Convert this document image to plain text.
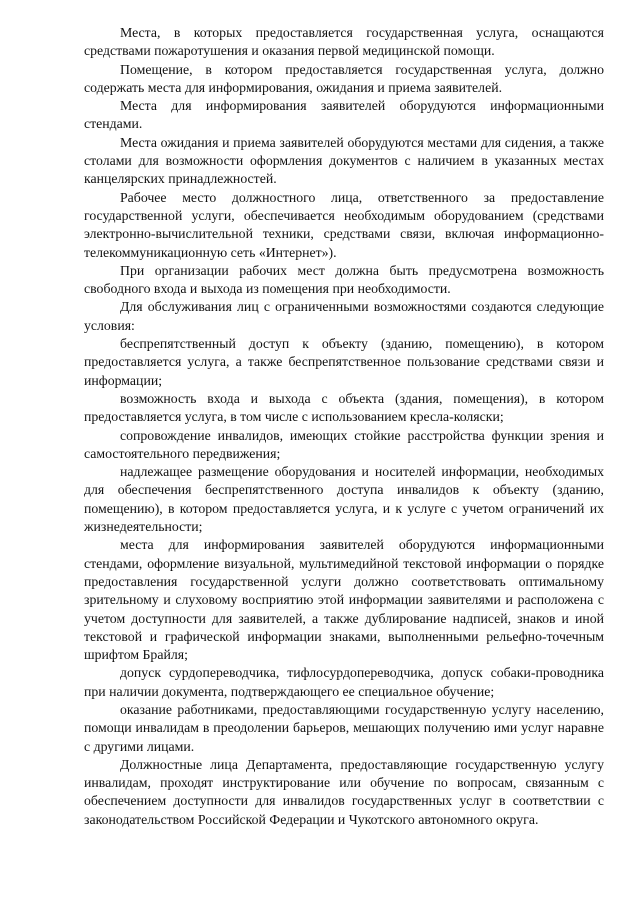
Места, в которых предоставляется государственная услуга, оснащаются средствами пожаротушения и оказания первой медицинской помощи.

Помещение, в котором предоставляется государственная услуга, должно содержать места для информирования, ожидания и приема заявителей.

Места для информирования заявителей оборудуются информационными стендами.

Места ожидания и приема заявителей оборудуются местами для сидения, а также столами для возможности оформления документов с наличием в указанных местах канцелярских принадлежностей.

Рабочее место должностного лица, ответственного за предоставление государственной услуги, обеспечивается необходимым оборудованием (средствами электронно-вычислительной техники, средствами связи, включая информационно-телекоммуникационную сеть «Интернет»).

При организации рабочих мест должна быть предусмотрена возможность свободного входа и выхода из помещения при необходимости.

Для обслуживания лиц с ограниченными возможностями создаются следующие условия:

беспрепятственный доступ к объекту (зданию, помещению), в котором предоставляется услуга, а также беспрепятственное пользование средствами связи и информации;

возможность входа и выхода с объекта (здания, помещения), в котором предоставляется услуга, в том числе с использованием кресла-коляски;

сопровождение инвалидов, имеющих стойкие расстройства функции зрения и самостоятельного передвижения;

надлежащее размещение оборудования и носителей информации, необходимых для обеспечения беспрепятственного доступа инвалидов к объекту (зданию, помещению), в котором предоставляется услуга, и к услуге с учетом ограничений их жизнедеятельности;

места для информирования заявителей оборудуются информационными стендами, оформление визуальной, мультимедийной текстовой информации о порядке предоставления государственной услуги должно соответствовать оптимальному зрительному и слуховому восприятию этой информации заявителями и расположена с учетом доступности для заявителей, а также дублирование надписей, знаков и иной текстовой и графической информации знаками, выполненными рельефно-точечным шрифтом Брайля;

допуск сурдопереводчика, тифлосурдопереводчика, допуск собаки-проводника при наличии документа, подтверждающего ее специальное обучение;

оказание работниками, предоставляющими государственную услугу населению, помощи инвалидам в преодолении барьеров, мешающих получению ими услуг наравне с другими лицами.

Должностные лица Департамента, предоставляющие государственную услугу инвалидам, проходят инструктирование или обучение по вопросам, связанным с обеспечением доступности для инвалидов государственных услуг в соответствии с законодательством Российской Федерации и Чукотского автономного округа.
